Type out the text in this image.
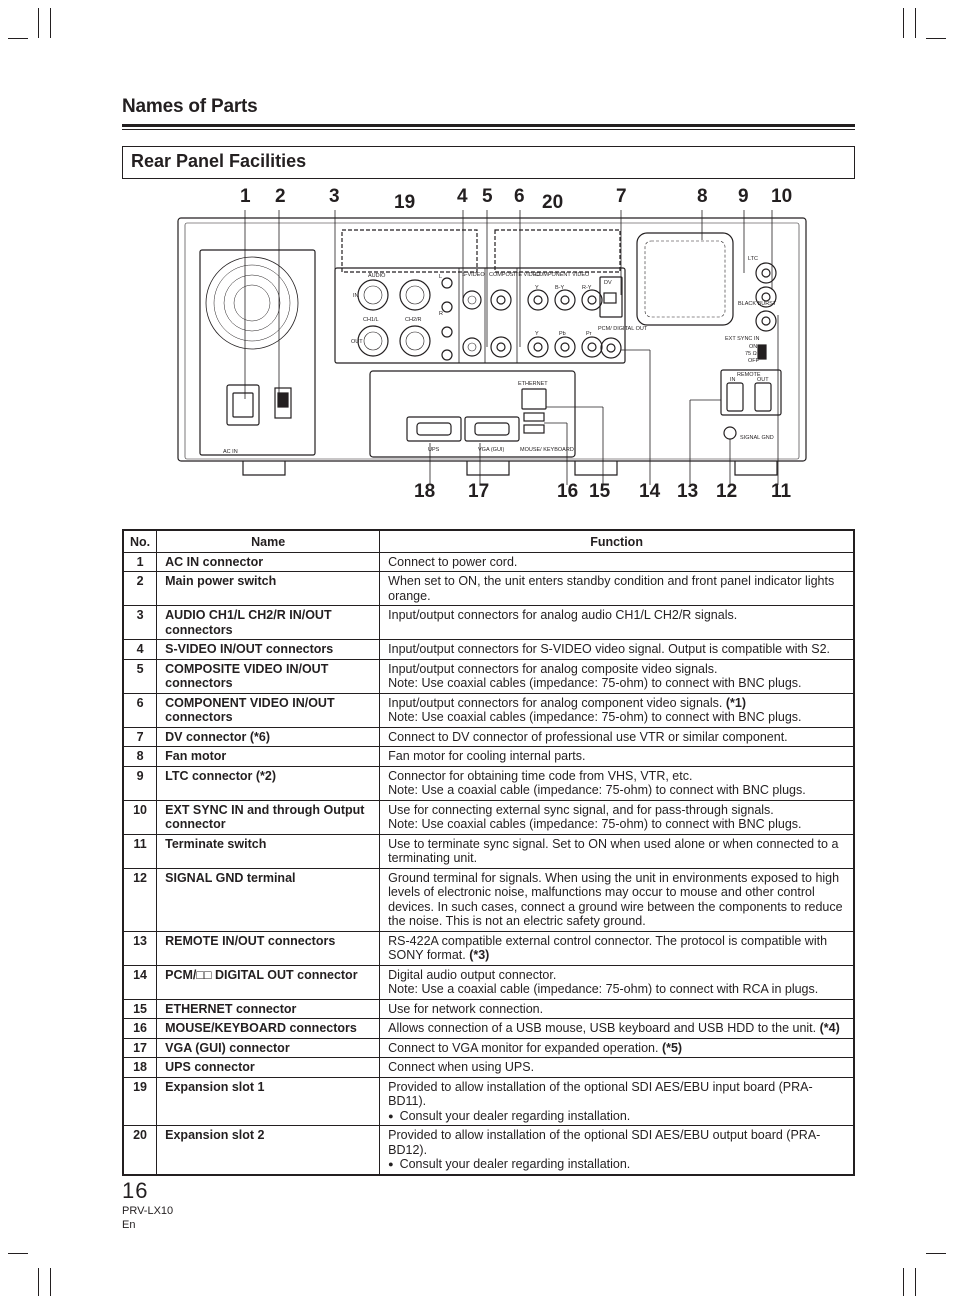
Names of Parts
Rear Panel Facilities
1 2 3	19 4 5 6 20	7	8 9 10
18 17	16 15 14 13 12 11
AUDIO
IN
OUT
CH1/L	CH2/R
L
R
S-VIDEO COMPOSITE VIDEO
COMPONENT VIDEO
Y	B-Y	R-Y
Y	Pb	Pr
DV
PCM/ DIGITAL OUT
LTC
BLACK BURST
EXT SYNC IN
ON
75 Ω
OFF
REMOTE
IN	OUT
SIGNAL GND
ETHERNET
UPS	VGA (GUI)	MOUSE/ KEYBOARD
AC IN
No.	Name	Function
1	AC IN connector	Connect to power cord.

2	Main power switch	When set to ON, the unit enters standby condition and front panel indicator lights orange.

3	AUDIO CH1/L CH2/R IN/OUT connectors	Input/output connectors for analog audio CH1/L CH2/R signals.

4	S-VIDEO IN/OUT connectors	Input/output connectors for S-VIDEO video signal. Output is compatible with S2.

5	COMPOSITE VIDEO IN/OUT connectors	Input/output connectors for analog composite video signals.
Note: Use coaxial cables (impedance: 75-ohm) to connect with BNC plugs.

6	COMPONENT VIDEO IN/OUT connectors	Input/output connectors for analog component video signals. (*1)
Note: Use coaxial cables (impedance: 75-ohm) to connect with BNC plugs.

7	DV connector (*6)	Connect to DV connector of professional use VTR or similar component.

8	Fan motor	Fan motor for cooling internal parts.

9	LTC connector (*2)	Connector for obtaining time code from VHS, VTR, etc.
Note: Use a coaxial cable (impedance: 75-ohm) to connect with BNC plugs.

10	EXT SYNC IN and through Output connector	Use for connecting external sync signal, and for pass-through signals.
Note: Use coaxial cables (impedance: 75-ohm) to connect with BNC plugs.

11	Terminate switch	Use to terminate sync signal. Set to ON when used alone or when connected to a terminating unit.

12	SIGNAL GND terminal	Ground terminal for signals. When using the unit in environments exposed to high levels of electronic noise, malfunctions may occur to mouse and other control devices. In such cases, connect a ground wire between the components to reduce the noise. This is not an electric safety ground.

13	REMOTE IN/OUT connectors	RS-422A compatible external control connector. The protocol is compatible with SONY format. (*3)

14	PCM/□□ DIGITAL OUT connector	Digital audio output connector.
Note: Use a coaxial cable (impedance: 75-ohm) to connect with RCA in plugs.

15	ETHERNET connector	Use for network connection.

16	MOUSE/KEYBOARD connectors	Allows connection of a USB mouse, USB keyboard and USB HDD to the unit. (*4)

17	VGA (GUI) connector	Connect to VGA monitor for expanded operation. (*5)

18	UPS connector	Connect when using UPS.

19	Expansion slot 1	Provided to allow installation of the optional SDI AES/EBU input board (PRA-BD11).
● Consult your dealer regarding installation.

20	Expansion slot 2	Provided to allow installation of the optional SDI AES/EBU output board (PRA-BD12).
● Consult your dealer regarding installation.
16
PRV-LX10
En
